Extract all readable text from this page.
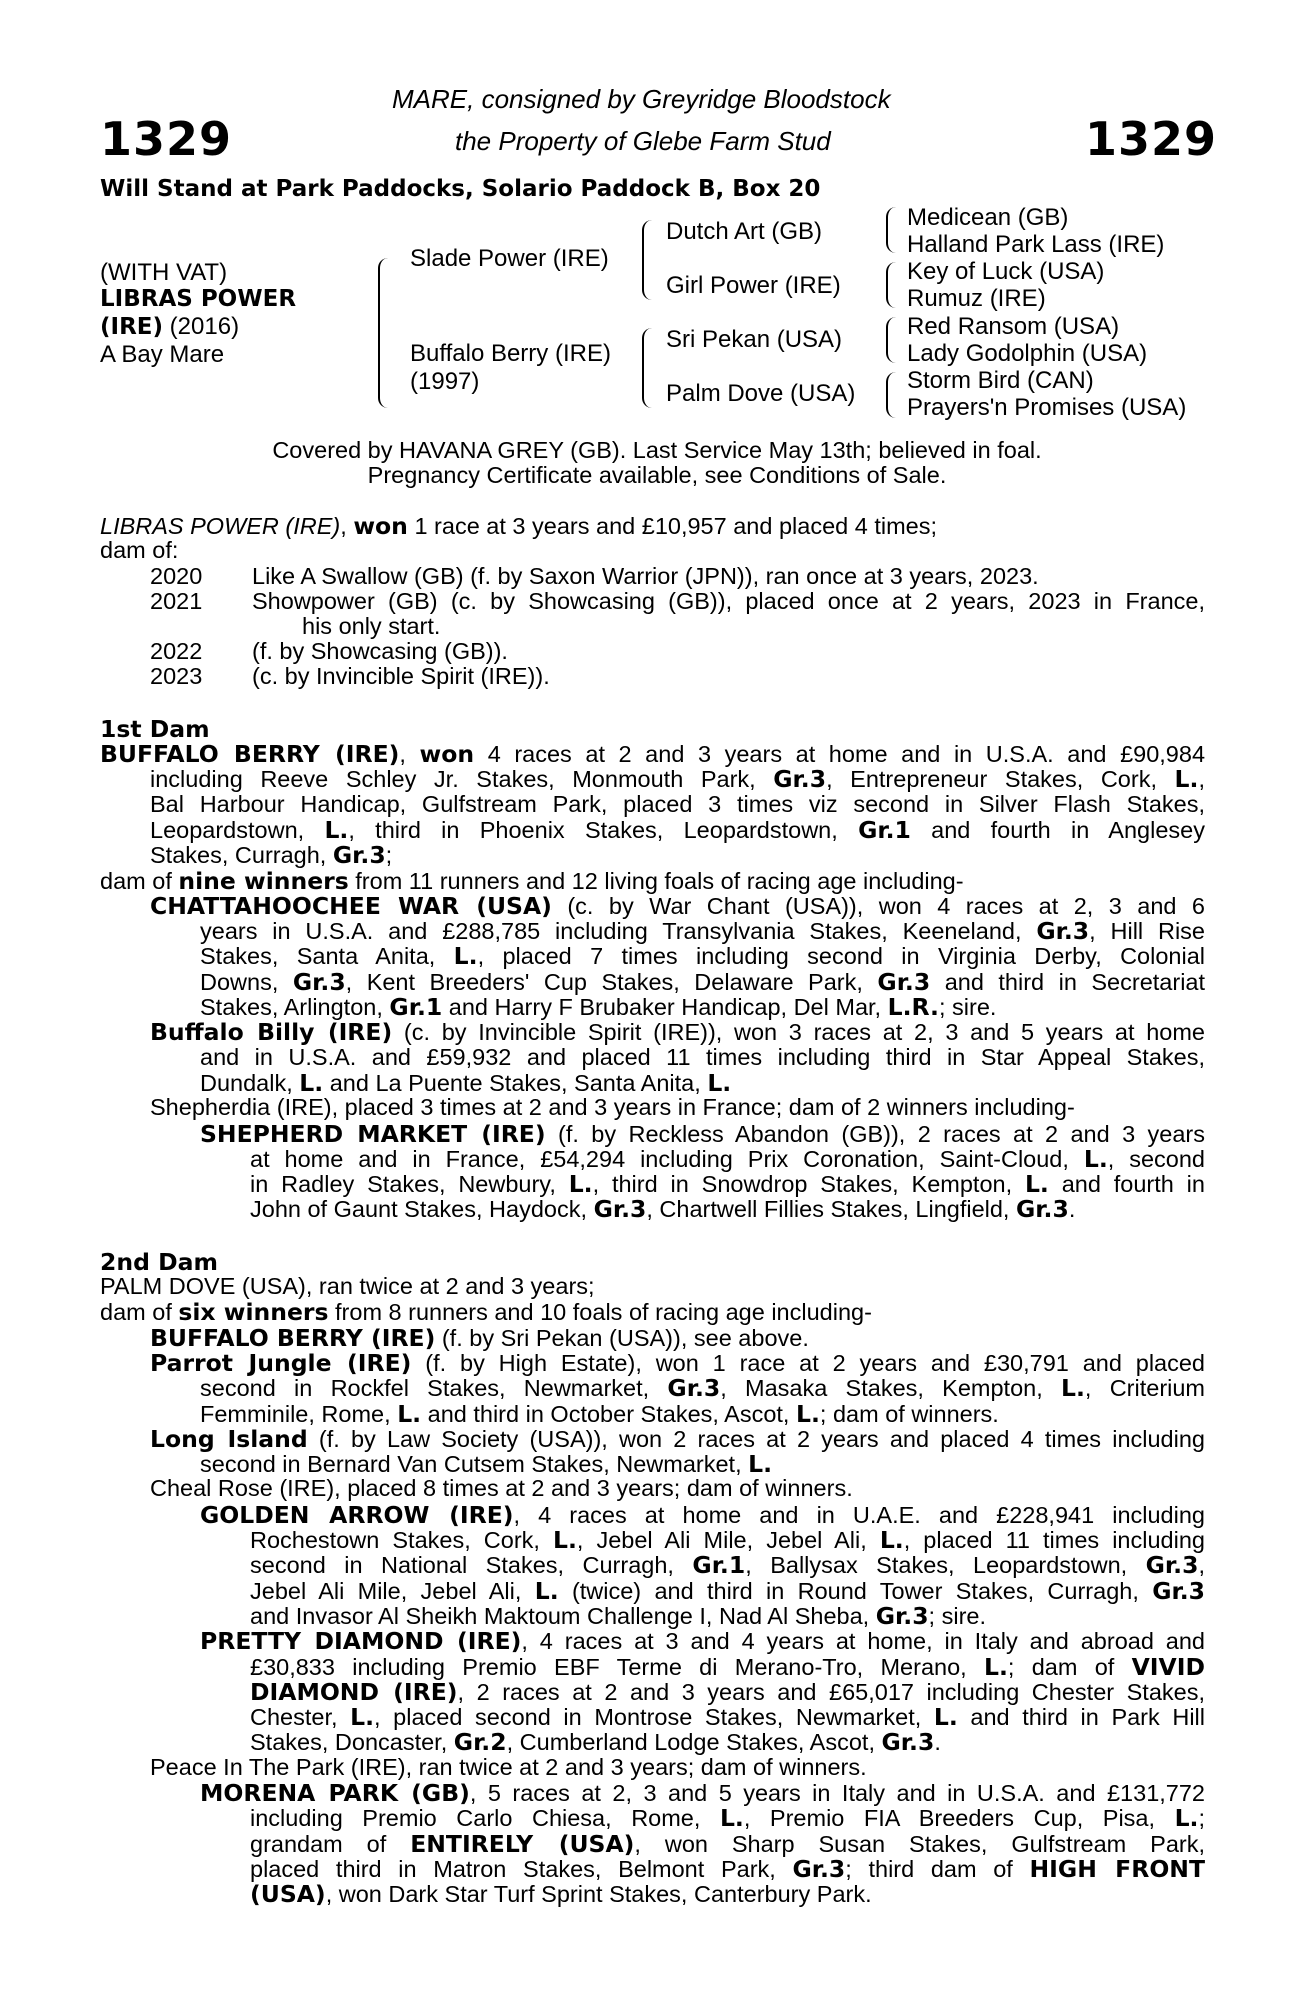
1329	1329
MARE, consigned by Greyridge Bloodstock
the Property of Glebe Farm Stud
Will Stand at Park Paddocks, Solario Paddock B, Box 20
(WITH VAT)
LIBRAS POWER
(IRE) (2016)
A Bay Mare
Slade Power (IRE)
Buffalo Berry (IRE)
(1997)
Dutch Art (GB)
Girl Power (IRE)
Sri Pekan (USA)
Palm Dove (USA)
Medicean (GB)
Halland Park Lass (IRE)
Key of Luck (USA)
Rumuz (IRE)
Red Ransom (USA)
Lady Godolphin (USA)
Storm Bird (CAN)
Prayers'n Promises (USA)
Covered by HAVANA GREY (GB). Last Service May 13th; believed in foal.
Pregnancy Certificate available, see Conditions of Sale.
LIBRAS POWER (IRE), won 1 race at 3 years and £10,957 and placed 4 times;
dam of:
2020 Like A Swallow (GB) (f. by Saxon Warrior (JPN)), ran once at 3 years, 2023.
2021 Showpower (GB) (c. by Showcasing (GB)), placed once at 2 years, 2023 in France,
his only start.
2022 (f. by Showcasing (GB)).
2023 (c. by Invincible Spirit (IRE)).
1st Dam
BUFFALO BERRY (IRE), won 4 races at 2 and 3 years at home and in U.S.A. and £90,984
including Reeve Schley Jr. Stakes, Monmouth Park, Gr.3, Entrepreneur Stakes, Cork, L.,
Bal Harbour Handicap, Gulfstream Park, placed 3 times viz second in Silver Flash Stakes,
Leopardstown, L., third in Phoenix Stakes, Leopardstown, Gr.1 and fourth in Anglesey
Stakes, Curragh, Gr.3;
dam of nine winners from 11 runners and 12 living foals of racing age including-
CHATTAHOOCHEE WAR (USA) (c. by War Chant (USA)), won 4 races at 2, 3 and 6
years in U.S.A. and £288,785 including Transylvania Stakes, Keeneland, Gr.3, Hill Rise
Stakes, Santa Anita, L., placed 7 times including second in Virginia Derby, Colonial
Downs, Gr.3, Kent Breeders' Cup Stakes, Delaware Park, Gr.3 and third in Secretariat
Stakes, Arlington, Gr.1 and Harry F Brubaker Handicap, Del Mar, L.R.; sire.
Buffalo Billy (IRE) (c. by Invincible Spirit (IRE)), won 3 races at 2, 3 and 5 years at home
and in U.S.A. and £59,932 and placed 11 times including third in Star Appeal Stakes,
Dundalk, L. and La Puente Stakes, Santa Anita, L.
Shepherdia (IRE), placed 3 times at 2 and 3 years in France; dam of 2 winners including-
SHEPHERD MARKET (IRE) (f. by Reckless Abandon (GB)), 2 races at 2 and 3 years
at home and in France, £54,294 including Prix Coronation, Saint-Cloud, L., second
in Radley Stakes, Newbury, L., third in Snowdrop Stakes, Kempton, L. and fourth in
John of Gaunt Stakes, Haydock, Gr.3, Chartwell Fillies Stakes, Lingfield, Gr.3.
2nd Dam
PALM DOVE (USA), ran twice at 2 and 3 years;
dam of six winners from 8 runners and 10 foals of racing age including-
BUFFALO BERRY (IRE) (f. by Sri Pekan (USA)), see above.
Parrot Jungle (IRE) (f. by High Estate), won 1 race at 2 years and £30,791 and placed
second in Rockfel Stakes, Newmarket, Gr.3, Masaka Stakes, Kempton, L., Criterium
Femminile, Rome, L. and third in October Stakes, Ascot, L.; dam of winners.
Long Island (f. by Law Society (USA)), won 2 races at 2 years and placed 4 times including
second in Bernard Van Cutsem Stakes, Newmarket, L.
Cheal Rose (IRE), placed 8 times at 2 and 3 years; dam of winners.
GOLDEN ARROW (IRE), 4 races at home and in U.A.E. and £228,941 including
Rochestown Stakes, Cork, L., Jebel Ali Mile, Jebel Ali, L., placed 11 times including
second in National Stakes, Curragh, Gr.1, Ballysax Stakes, Leopardstown, Gr.3,
Jebel Ali Mile, Jebel Ali, L. (twice) and third in Round Tower Stakes, Curragh, Gr.3
and Invasor Al Sheikh Maktoum Challenge I, Nad Al Sheba, Gr.3; sire.
PRETTY DIAMOND (IRE), 4 races at 3 and 4 years at home, in Italy and abroad and
£30,833 including Premio EBF Terme di Merano-Tro, Merano, L.; dam of VIVID
DIAMOND (IRE), 2 races at 2 and 3 years and £65,017 including Chester Stakes,
Chester, L., placed second in Montrose Stakes, Newmarket, L. and third in Park Hill
Stakes, Doncaster, Gr.2, Cumberland Lodge Stakes, Ascot, Gr.3.
Peace In The Park (IRE), ran twice at 2 and 3 years; dam of winners.
MORENA PARK (GB), 5 races at 2, 3 and 5 years in Italy and in U.S.A. and £131,772
including Premio Carlo Chiesa, Rome, L., Premio FIA Breeders Cup, Pisa, L.;
grandam of ENTIRELY (USA), won Sharp Susan Stakes, Gulfstream Park,
placed third in Matron Stakes, Belmont Park, Gr.3; third dam of HIGH FRONT
(USA), won Dark Star Turf Sprint Stakes, Canterbury Park.
